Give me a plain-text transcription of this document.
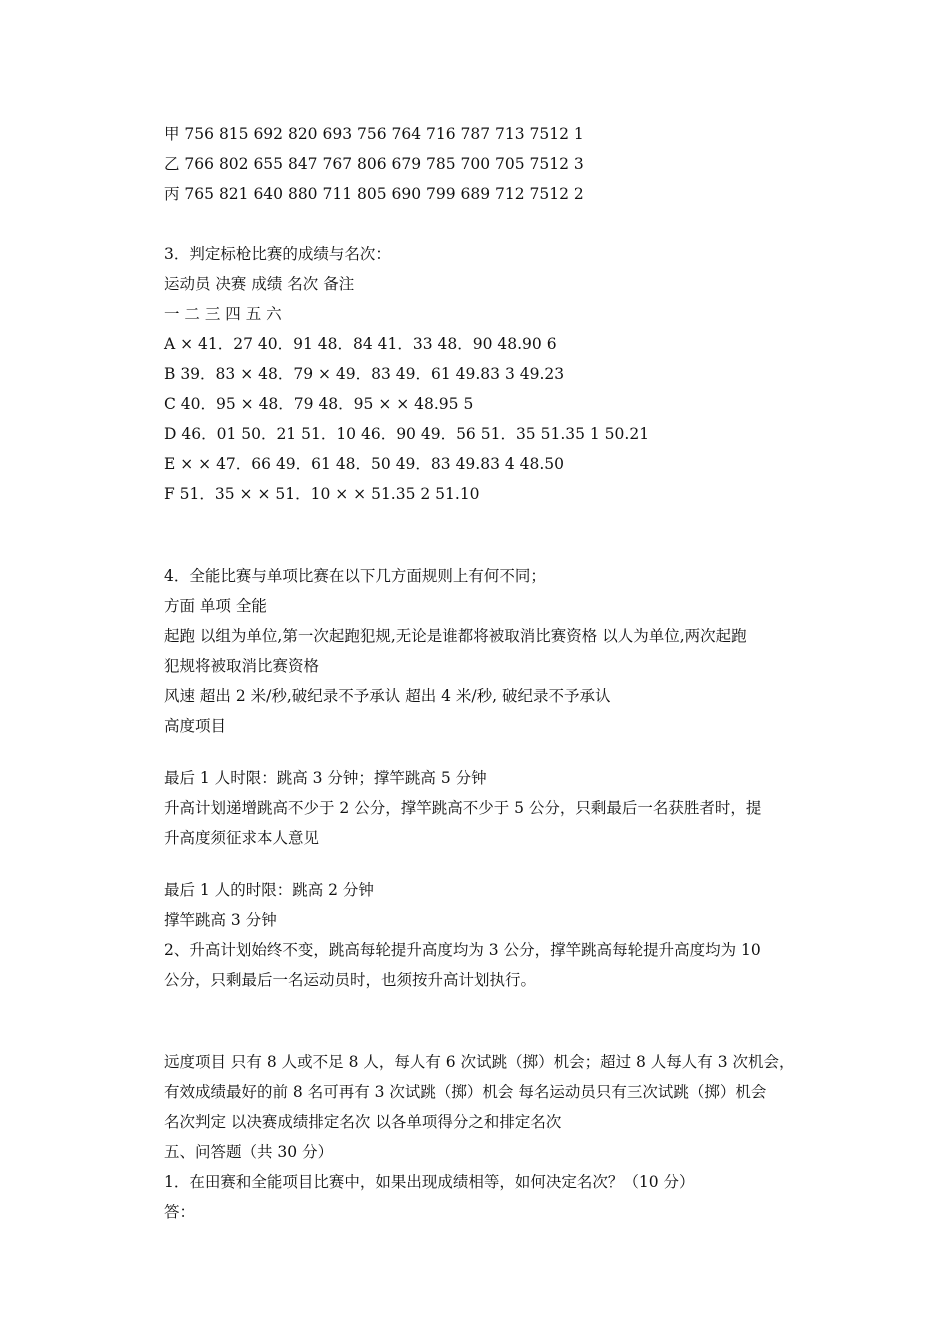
甲 756 815 692 820 693 756 764 716 787 713 7512 1
乙 766 802 655 847 767 806 679 785 700 705 7512 3
丙 765 821 640 880 711 805 690 799 689 712 7512 2
3．判定标枪比赛的成绩与名次：
运动员 决赛 成绩 名次 备注
一 二 三 四 五 六
A × 41．27 40．91 48．84 41．33 48．90 48.90 6
B 39．83 × 48．79 × 49．83 49．61 49.83 3 49.23
C 40．95 × 48．79 48．95 × × 48.95 5
D 46．01 50．21 51．10 46．90 49．56 51．35 51.35 1 50.21
E × × 47．66 49．61 48．50 49．83 49.83 4 48.50
F 51．35 × × 51．10 × × 51.35 2 51.10
4．全能比赛与单项比赛在以下几方面规则上有何不同；
方面 单项 全能
起跑 以组为单位,第一次起跑犯规,无论是谁都将被取消比赛资格 以人为单位,两次起跑
犯规将被取消比赛资格
风速 超出 2 米/秒,破纪录不予承认 超出 4 米/秒, 破纪录不予承认
高度项目
最后 1 人时限：跳高 3 分钟；撑竿跳高 5 分钟
升高计划递增跳高不少于 2 公分，撑竿跳高不少于 5 公分，只剩最后一名获胜者时，提
升高度须征求本人意见
最后 1 人的时限：跳高 2 分钟
撑竿跳高 3 分钟
2、升高计划始终不变，跳高每轮提升高度均为 3 公分，撑竿跳高每轮提升高度均为 10
公分，只剩最后一名运动员时，也须按升高计划执行。
远度项目 只有 8 人或不足 8 人，每人有 6 次试跳（掷）机会；超过 8 人每人有 3 次机会，
有效成绩最好的前 8 名可再有 3 次试跳（掷）机会 每名运动员只有三次试跳（掷）机会
名次判定 以决赛成绩排定名次 以各单项得分之和排定名次
五、问答题（共 30 分）
1．在田赛和全能项目比赛中，如果出现成绩相等，如何决定名次？（10 分）
答：
